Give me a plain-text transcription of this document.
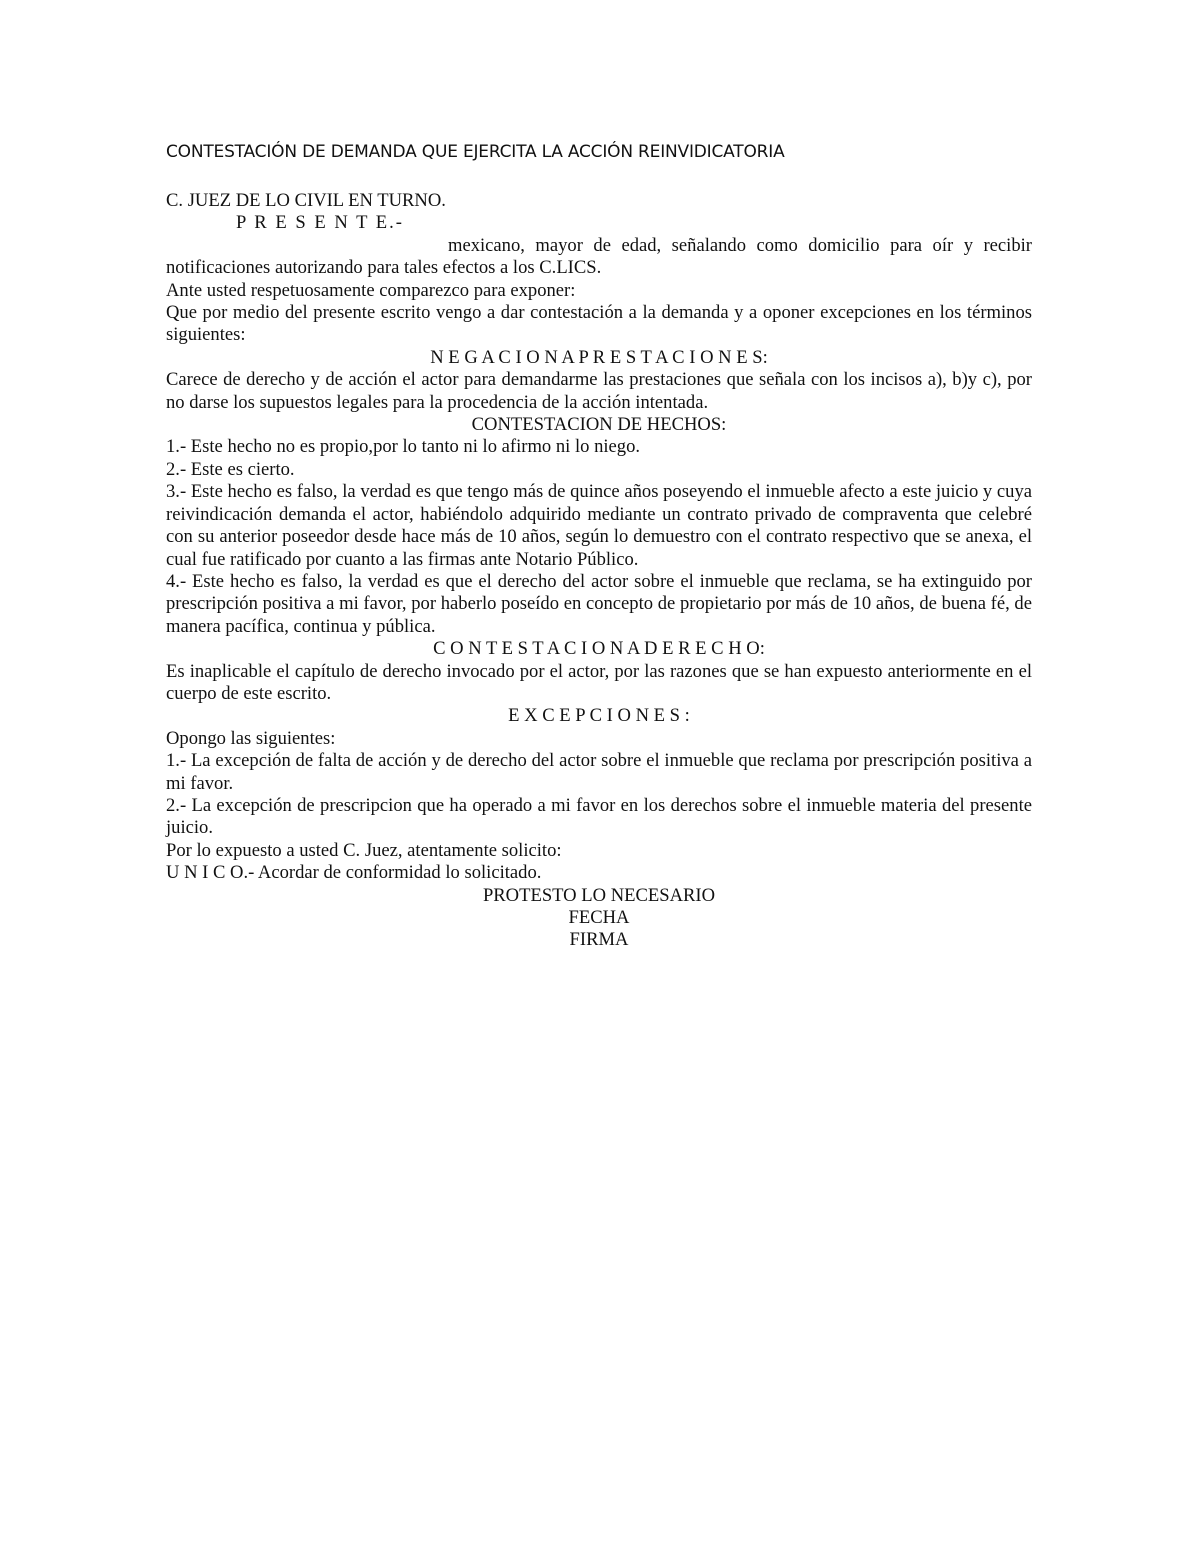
CONTESTACIÓN DE DEMANDA QUE EJERCITA LA ACCIÓN REINVIDICATORIA

C. JUEZ DE LO CIVIL EN TURNO.

P R E S E N T E.-

mexicano, mayor de edad, señalando como domicilio para oír y recibir notificaciones autorizando para tales efectos a los C.LICS.

Ante usted respetuosamente comparezco para exponer:

Que por medio del presente escrito vengo a dar contestación a la demanda y a oponer excepciones en los términos siguientes:

N E G A C I O N A P R E S T A C I O N E S:

Carece de derecho y de acción el actor para demandarme las prestaciones que señala con los incisos a), b)y c), por no darse los supuestos legales para la procedencia de la acción intentada.

CONTESTACION DE HECHOS:

1.- Este hecho no es propio,por lo tanto ni lo afirmo ni lo niego.

2.- Este es cierto.

3.- Este hecho es falso, la verdad es que tengo más de quince años poseyendo el inmueble afecto a este juicio y cuya reivindicación demanda el actor, habiéndolo adquirido mediante un contrato privado de compraventa que celebré con su anterior poseedor desde hace más de 10 años, según lo demuestro con el contrato respectivo que se anexa, el cual fue ratificado por cuanto a las firmas ante Notario Público.

4.- Este hecho es falso, la verdad es que el derecho del actor sobre el inmueble que reclama, se ha extinguido por prescripción positiva a mi favor, por haberlo poseído en concepto de propietario por más de 10 años, de buena fé, de manera pacífica, continua y pública.

C O N T E S T A C I O N A D E R E C H O:

Es inaplicable el capítulo de derecho invocado por el actor, por las razones que se han expuesto anteriormente en el cuerpo de este escrito.

E X C E P C I O N E S :

Opongo las siguientes:

1.- La excepción de falta de acción y de derecho del actor sobre el inmueble que reclama por prescripción positiva a mi favor.

2.- La excepción de prescripcion que ha operado a mi favor en los derechos sobre el inmueble materia del presente juicio.

Por lo expuesto a usted C. Juez, atentamente solicito:

U N I C O.- Acordar de conformidad lo solicitado.

PROTESTO LO NECESARIO

FECHA

FIRMA
